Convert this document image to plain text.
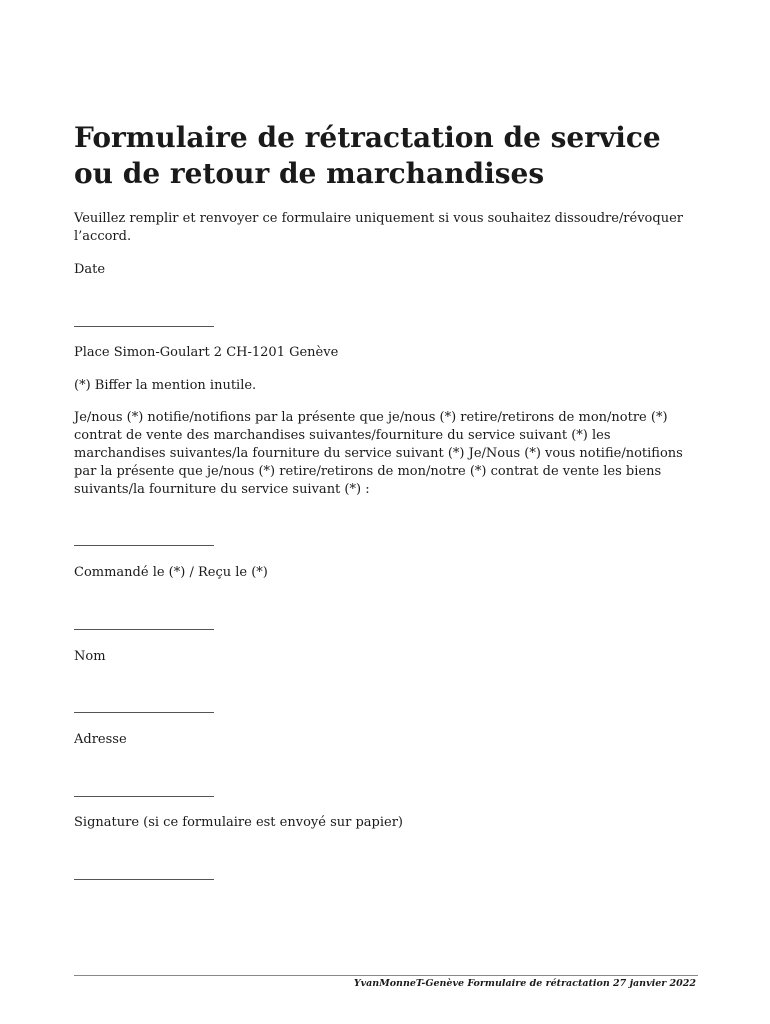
Formulaire de rétractation de service ou de retour de marchandises

Veuillez remplir et renvoyer ce formulaire uniquement si vous souhaitez dissoudre/révoquer l’accord.

Date

Place Simon-Goulart 2 CH-1201 Genève

(*) Biffer la mention inutile.

Je/nous (*) notifie/notifions par la présente que je/nous (*) retire/retirons de mon/notre (*) contrat de vente des marchandises suivantes/fourniture du service suivant (*) les marchandises suivantes/la fourniture du service suivant (*) Je/Nous (*) vous notifie/notifions par la présente que je/nous (*) retire/retirons de mon/notre (*) contrat de vente les biens suivants/la fourniture du service suivant (*) :

Commandé le (*) / Reçu le (*)

Nom

Adresse

Signature (si ce formulaire est envoyé sur papier)

YvanMonneT-Genève Formulaire de rétractation 27 janvier 2022
